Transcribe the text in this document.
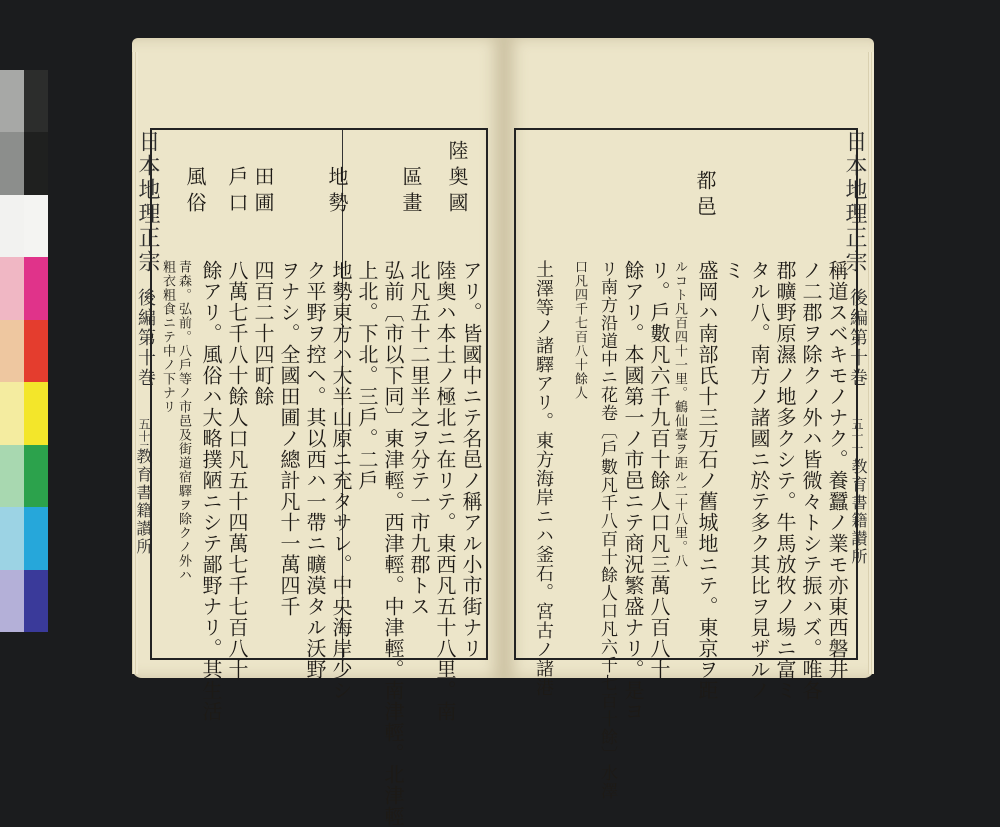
日本地理正宗
後編第十巻
五十二
教育書籍讃所
陸奥國
區畫
地勢
田圃
戶口
風俗
アリ。皆國中ニテ名邑ノ稱アル小市街ナリ
陸奥ハ本土ノ極北ニ在リテ。東西凡五十八里。南
北凡五十二里半之ヲ分テ一市九郡トス
弘前〔市以下同〕東津輕。西津輕。中津輕。南津輕。北津輕
上北。下北。三戶。二戶
地勢東方ハ大半山原ニ充タサレ。中央海岸少シ
ク平野ヲ控ヘ。其以西ハ一帶ニ曠漠タル沃野
ヲナシ。全國田圃ノ總計凡十一萬四千
四百二十四町餘
八萬七千八十餘人口凡五十四萬七千七百八十
餘アリ。風俗ハ大略撲陋ニシテ鄙野ナリ。其生活
青森。弘前。八戶等ノ市邑及街道宿驛ヲ除クノ外ハ
粗衣粗食ニテ中ノ下ナリ
日本地理正宗
後編第十巻
五十一
教育書籍讃所
都邑
稱道スベキモノナク。養蠶ノ業モ亦東西磐井
ノ二郡ヲ除クノ外ハ皆微々トシテ振ハズ。唯各
郡曠野原濕ノ地多クシテ。牛馬放牧ノ場ニ富ミ
タル八。南方ノ諸國ニ於テ多ク其比ヲ見ザルノ
ミ
盛岡ハ南部氏十三万石ノ舊城地ニテ。東京ヲ距
ルコト凡百四十一里。鶴仙臺ヲ距ル二十八里。八
リ。戶數凡六千九百十餘人口凡三萬八百八十
餘アリ。本國第一ノ市邑ニテ商況繁盛ナリ。是ヨ
リ南方沿道中ニ花卷〔戶數凡千八百十餘人口凡六千七百十餘〕水澤
口凡四千七百八十餘人
土澤等ノ諸驛アリ。東方海岸ニハ釜石。宮古ノ諸港
